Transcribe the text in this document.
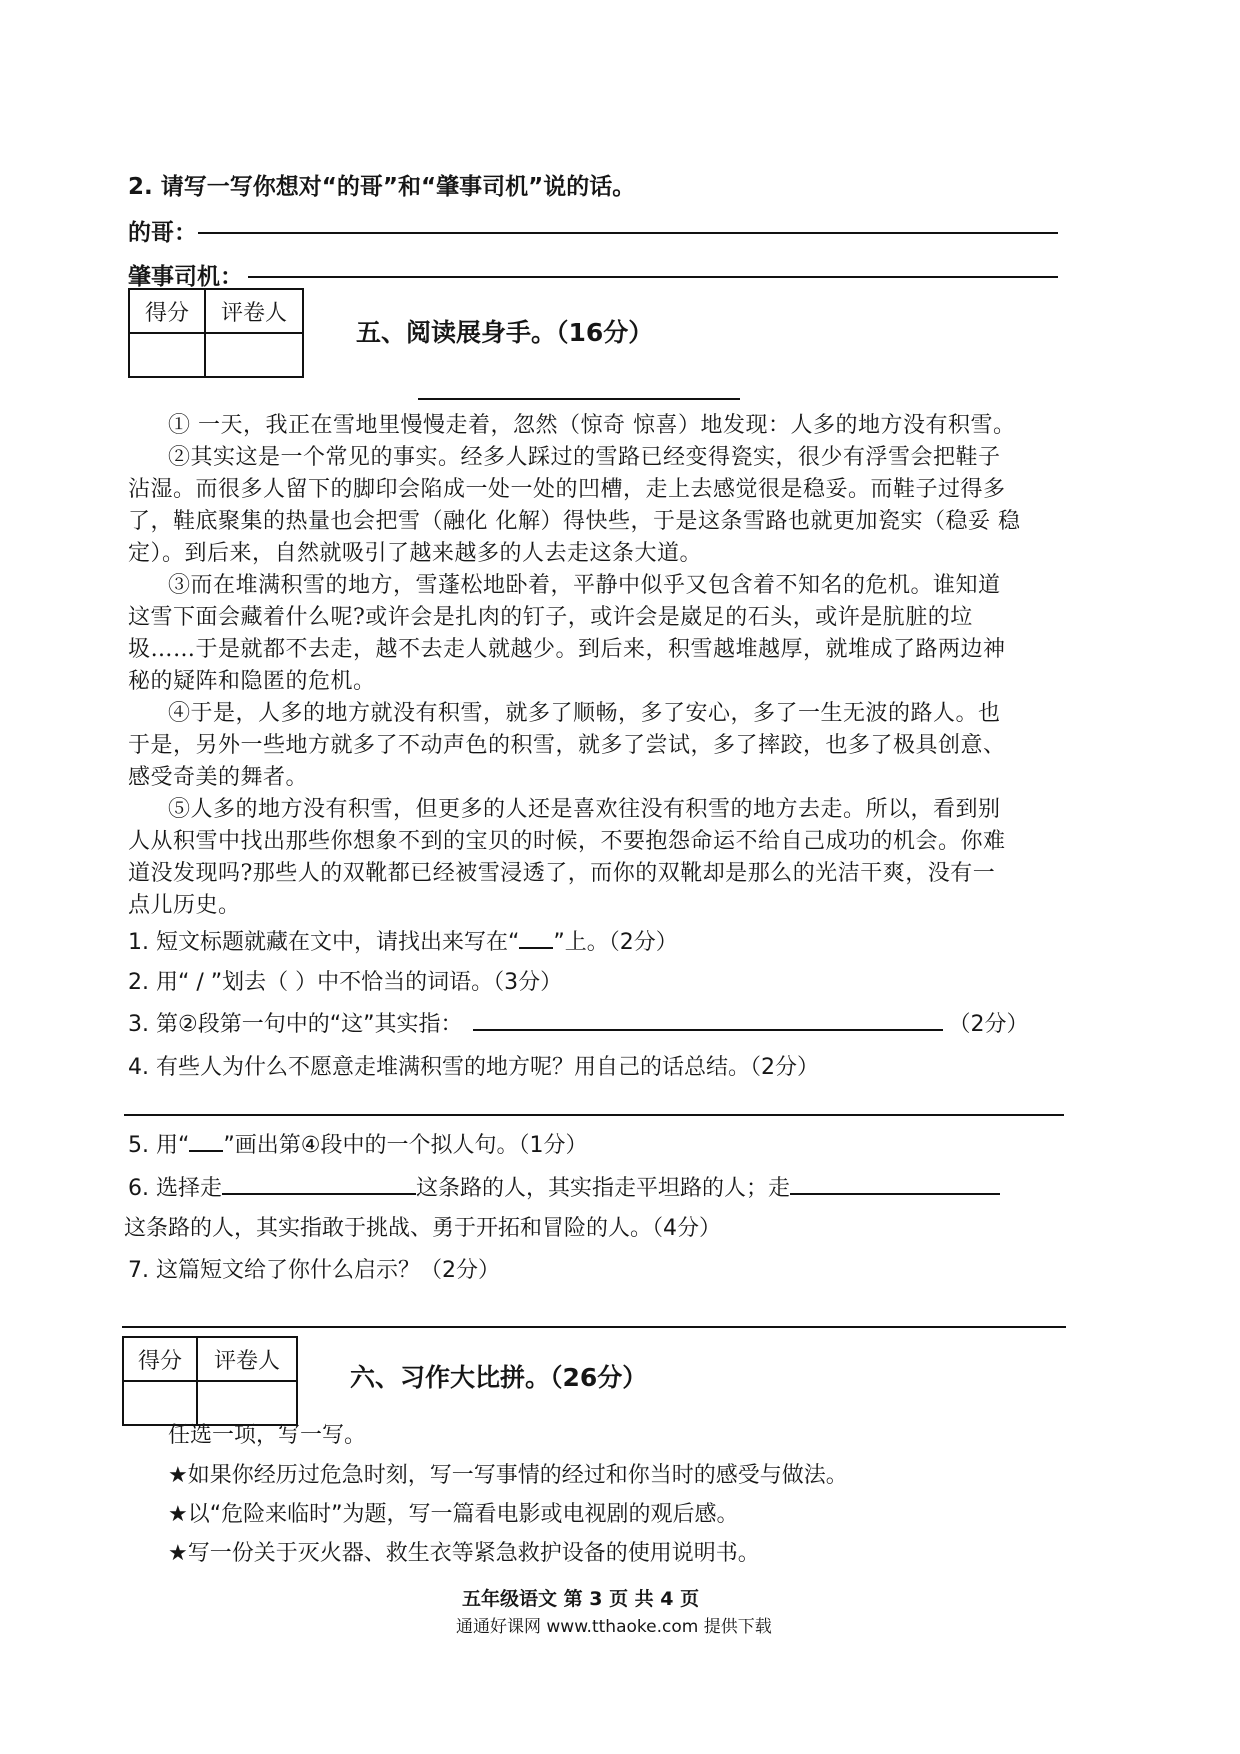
2. 请写一写你想对“的哥”和“肇事司机”说的话。
的哥：
肇事司机：
得分	评卷人

五、阅读展身手。（16分）
① 一天，我正在雪地里慢慢走着，忽然（惊奇 惊喜）地发现：人多的地方没有积雪。
②其实这是一个常见的事实。经多人踩过的雪路已经变得瓷实，很少有浮雪会把鞋子
沾湿。而很多人留下的脚印会陷成一处一处的凹槽，走上去感觉很是稳妥。而鞋子过得多
了，鞋底聚集的热量也会把雪（融化 化解）得快些，于是这条雪路也就更加瓷实（稳妥 稳
定）。到后来，自然就吸引了越来越多的人去走这条大道。
③而在堆满积雪的地方，雪蓬松地卧着，平静中似乎又包含着不知名的危机。谁知道
这雪下面会藏着什么呢?或许会是扎肉的钉子，或许会是崴足的石头，或许是肮脏的垃
圾……于是就都不去走，越不去走人就越少。到后来，积雪越堆越厚，就堆成了路两边神
秘的疑阵和隐匿的危机。
④于是，人多的地方就没有积雪，就多了顺畅，多了安心，多了一生无波的路人。也
于是，另外一些地方就多了不动声色的积雪，就多了尝试，多了摔跤，也多了极具创意、
感受奇美的舞者。
⑤人多的地方没有积雪，但更多的人还是喜欢往没有积雪的地方去走。所以，看到别
人从积雪中找出那些你想象不到的宝贝的时候，不要抱怨命运不给自己成功的机会。你难
道没发现吗?那些人的双靴都已经被雪浸透了，而你的双靴却是那么的光洁干爽，没有一
点儿历史。
1. 短文标题就藏在文中，请找出来写在“ ”上。（2分）
2. 用“ / ”划去（ ）中不恰当的词语。（3分）
3. 第②段第一句中的“这”其实指：	（2分）
4. 有些人为什么不愿意走堆满积雪的地方呢？用自己的话总结。（2分）
5. 用“ ”画出第④段中的一个拟人句。（1分）
6. 选择走	这条路的人，其实指走平坦路的人；走
这条路的人，其实指敢于挑战、勇于开拓和冒险的人。（4分）
7. 这篇短文给了你什么启示？（2分）
得分	评卷人

六、习作大比拼。（26分）
任选一项，写一写。
★如果你经历过危急时刻，写一写事情的经过和你当时的感受与做法。
★以“危险来临时”为题，写一篇看电影或电视剧的观后感。
★写一份关于灭火器、救生衣等紧急救护设备的使用说明书。
五年级语文 第 3 页 共 4 页
通通好课网 www.tthaoke.com 提供下载
